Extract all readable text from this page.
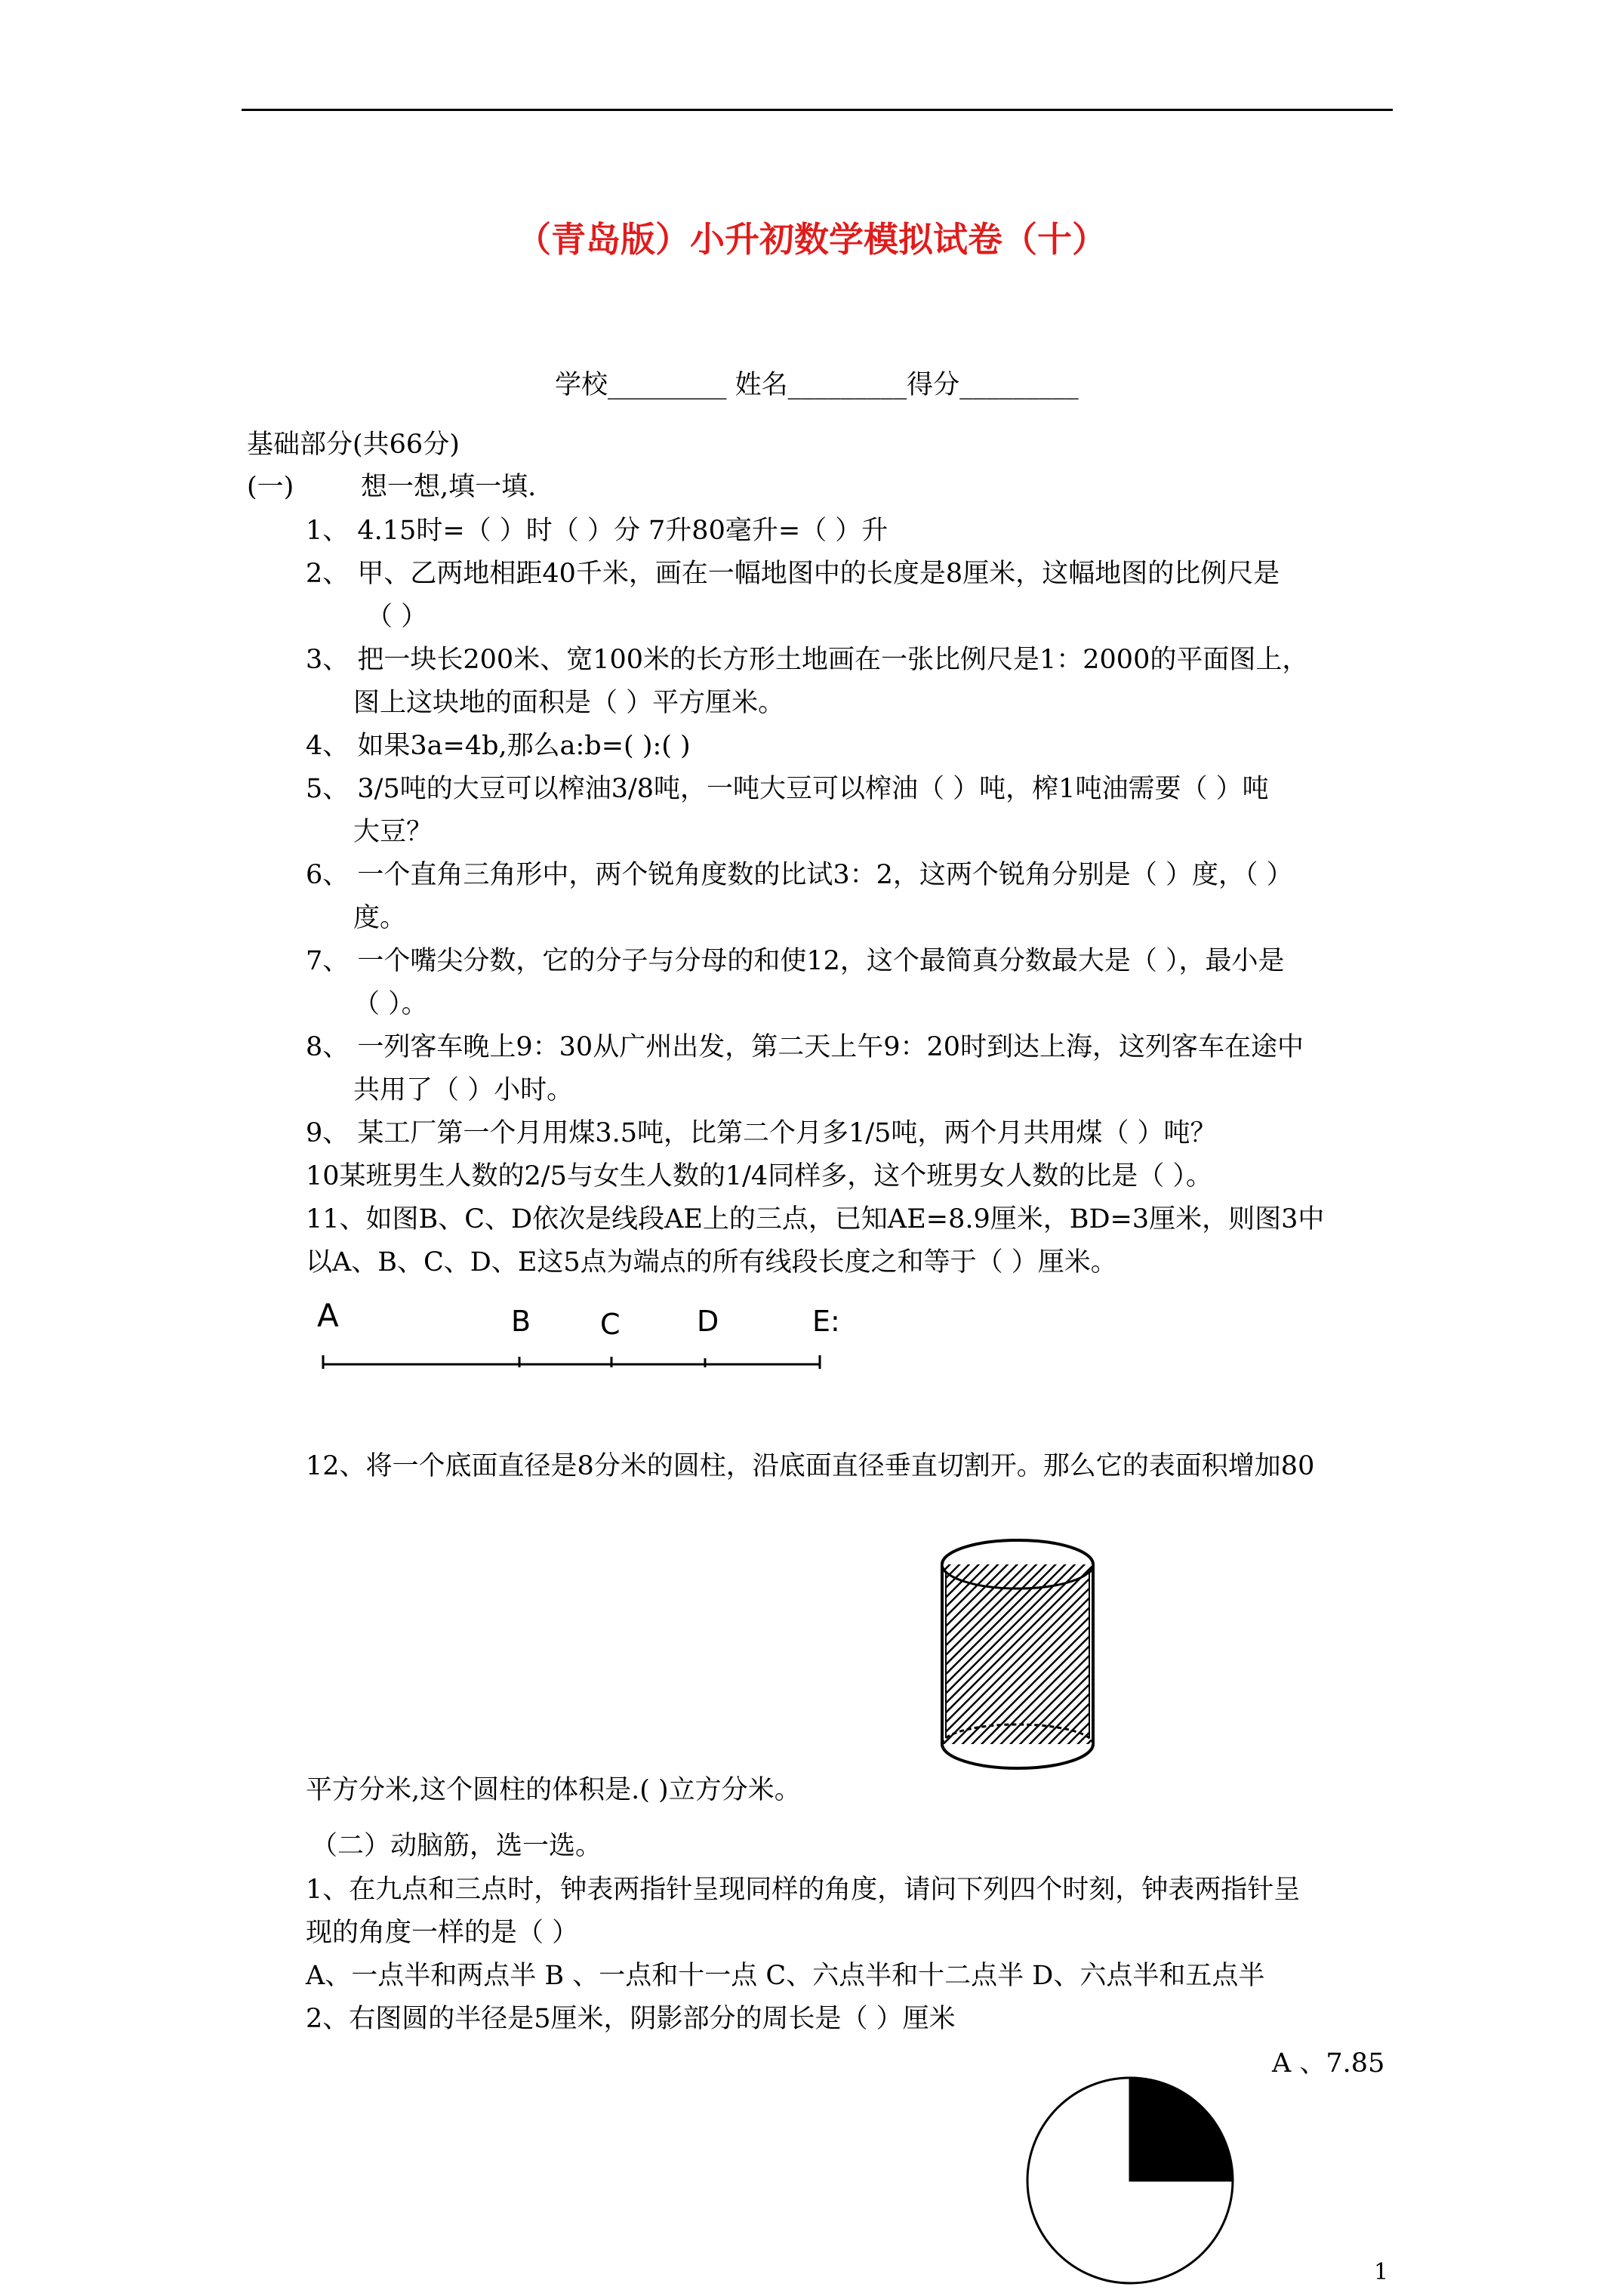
（青岛版）小升初数学模拟试卷（十）
学校_________ 姓名_________得分_________
基础部分(共66分)
(一)	想一想,填一填.
1、 4.15时=（ ）时（ ）分 7升80毫升=（ ）升
2、 甲、乙两地相距40千米，画在一幅地图中的长度是8厘米，这幅地图的比例尺是
（ ）
3、 把一块长200米、宽100米的长方形土地画在一张比例尺是1：2000的平面图上，
图上这块地的面积是（ ）平方厘米。
4、 如果3a=4b,那么a:b=( ):( )
5、 3/5吨的大豆可以榨油3/8吨，一吨大豆可以榨油（ ）吨，榨1吨油需要（ ）吨
大豆？
6、 一个直角三角形中，两个锐角度数的比试3：2，这两个锐角分别是（ ）度，（ ）
度。
7、 一个嘴尖分数，它的分子与分母的和使12，这个最简真分数最大是（ ），最小是
（ ）。
8、 一列客车晚上9：30从广州出发，第二天上午9：20时到达上海，这列客车在途中
共用了（ ）小时。
9、 某工厂第一个月用煤3.5吨，比第二个月多1/5吨，两个月共用煤（ ）吨？
10某班男生人数的2/5与女生人数的1/4同样多，这个班男女人数的比是（ ）。
11、如图B、C、D依次是线段AE上的三点，已知AE=8.9厘米，BD=3厘米，则图3中
以A、B、C、D、E这5点为端点的所有线段长度之和等于（ ）厘米。
A	B C	D	E:
12、将一个底面直径是8分米的圆柱，沿底面直径垂直切割开。那么它的表面积增加80
平方分米,这个圆柱的体积是.( )立方分米。
（二）动脑筋，选一选。
1、在九点和三点时，钟表两指针呈现同样的角度，请问下列四个时刻，钟表两指针呈
现的角度一样的是（ ）
A、一点半和两点半 B 、一点和十一点 C、六点半和十二点半 D、六点半和五点半
2、右图圆的半径是5厘米，阴影部分的周长是（ ）厘米
A 、7.85
1
